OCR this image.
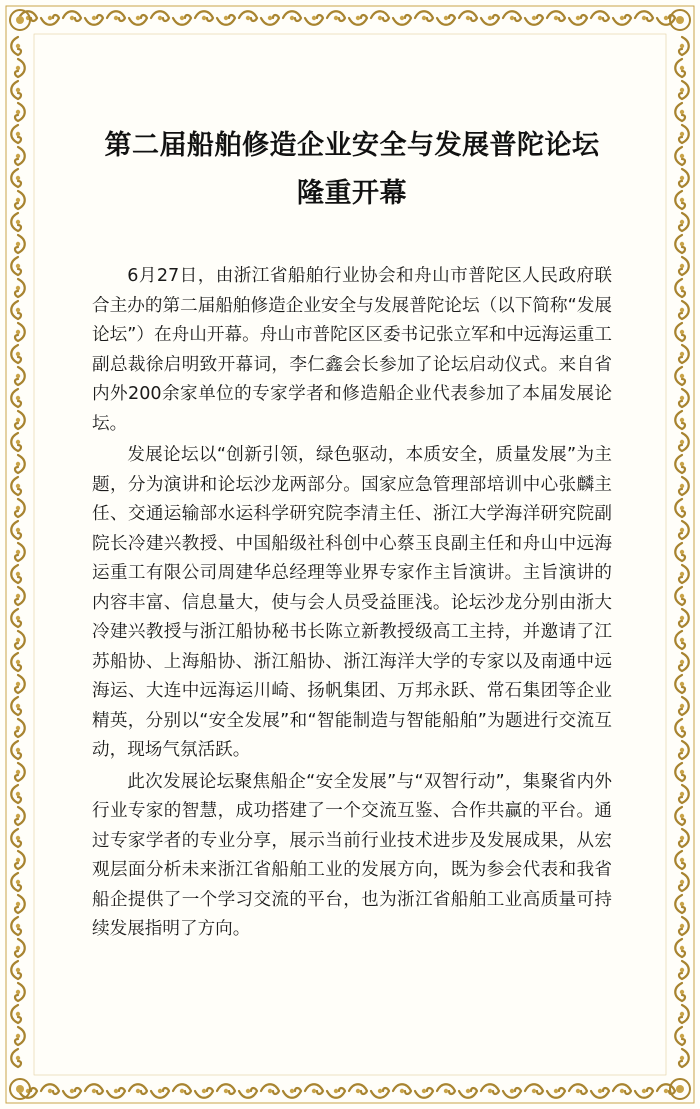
第二届船舶修造企业安全与发展普陀论坛
隆重开幕

6月27日，由浙江省船舶行业协会和舟山市普陀区人民政府联合主办的第二届船舶修造企业安全与发展普陀论坛（以下简称“发展论坛”）在舟山开幕。舟山市普陀区区委书记张立军和中远海运重工副总裁徐启明致开幕词，李仁鑫会长参加了论坛启动仪式。来自省内外200余家单位的专家学者和修造船企业代表参加了本届发展论坛。

发展论坛以“创新引领，绿色驱动，本质安全，质量发展”为主题，分为演讲和论坛沙龙两部分。国家应急管理部培训中心张麟主任、交通运输部水运科学研究院李清主任、浙江大学海洋研究院副院长冷建兴教授、中国船级社科创中心蔡玉良副主任和舟山中远海运重工有限公司周建华总经理等业界专家作主旨演讲。主旨演讲的内容丰富、信息量大，使与会人员受益匪浅。论坛沙龙分别由浙大冷建兴教授与浙江船协秘书长陈立新教授级高工主持，并邀请了江苏船协、上海船协、浙江船协、浙江海洋大学的专家以及南通中远海运、大连中远海运川崎、扬帆集团、万邦永跃、常石集团等企业精英，分别以“安全发展”和“智能制造与智能船舶”为题进行交流互动，现场气氛活跃。

此次发展论坛聚焦船企“安全发展”与“双智行动”，集聚省内外行业专家的智慧，成功搭建了一个交流互鉴、合作共赢的平台。通过专家学者的专业分享，展示当前行业技术进步及发展成果，从宏观层面分析未来浙江省船舶工业的发展方向，既为参会代表和我省船企提供了一个学习交流的平台，也为浙江省船舶工业高质量可持续发展指明了方向。
